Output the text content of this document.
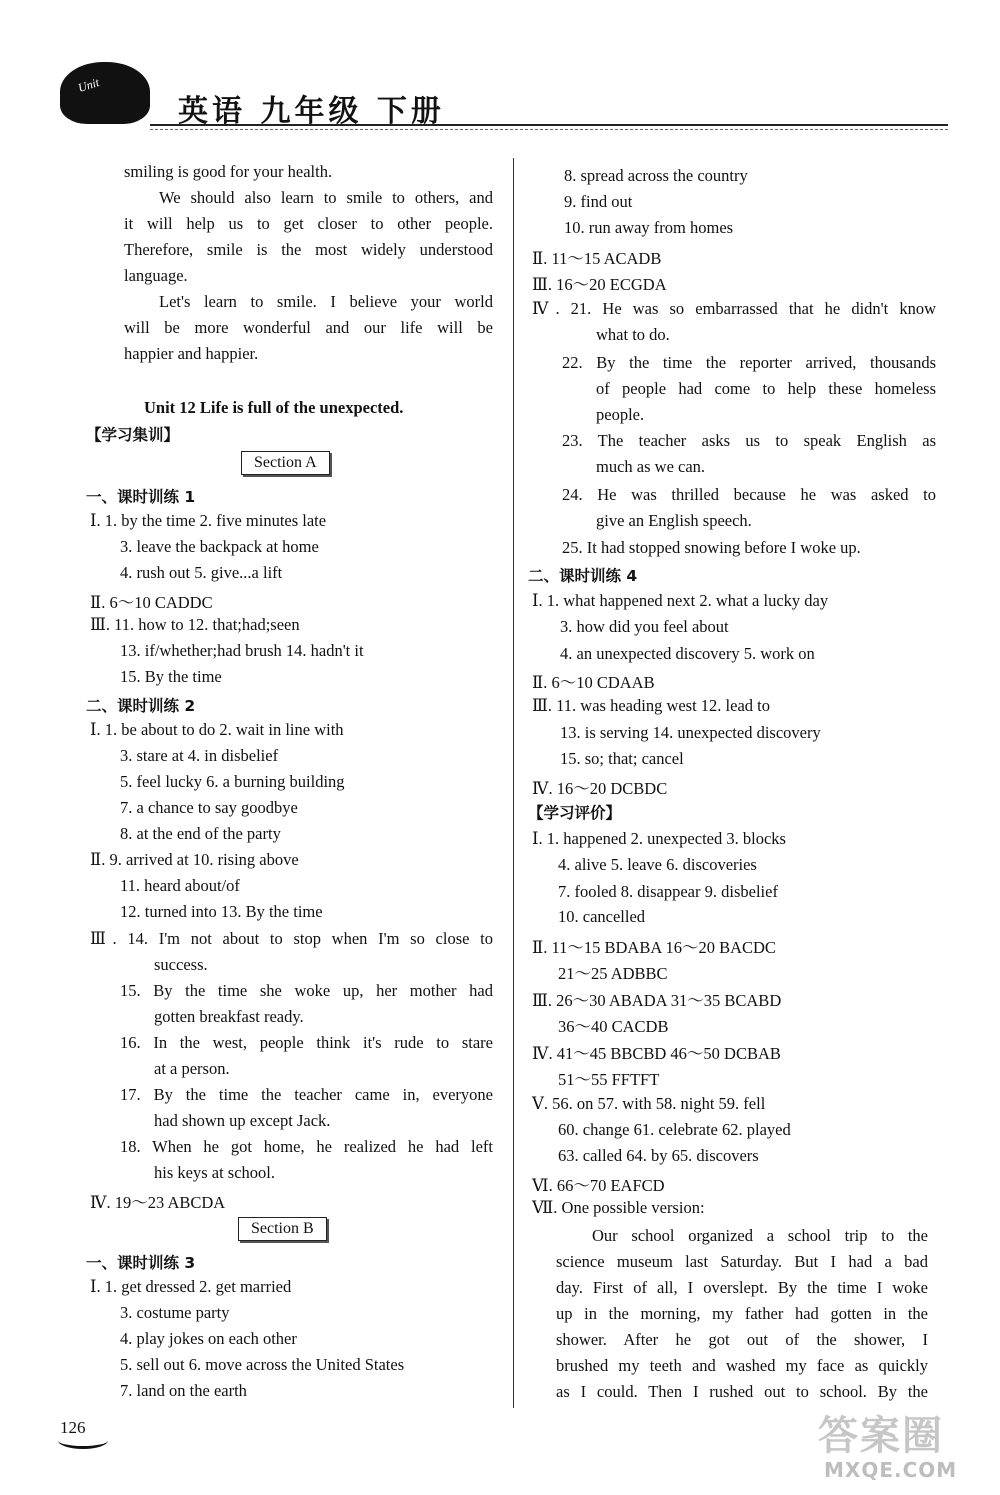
Unit
英语 九年级 下册
smiling is good for your health.
We should also learn to smile to others, and
it will help us to get closer to other people.
Therefore, smile is the most widely understood
language.
Let's learn to smile. I believe your world
will be more wonderful and our life will be
happier and happier.
Unit 12 Life is full of the unexpected.
【学习集训】
Section A
一、课时训练 1
Ⅰ. 1. by the time 2. five minutes late
3. leave the backpack at home
4. rush out 5. give...a lift
Ⅱ. 6～10 CADDC
Ⅲ. 11. how to 12. that;had;seen
13. if/whether;had brush 14. hadn't it
15. By the time
二、课时训练 2
Ⅰ. 1. be about to do 2. wait in line with
3. stare at 4. in disbelief
5. feel lucky 6. a burning building
7. a chance to say goodbye
8. at the end of the party
Ⅱ. 9. arrived at 10. rising above
11. heard about/of
12. turned into 13. By the time
Ⅲ. 14. I'm not about to stop when I'm so close to
success.
15. By the time she woke up, her mother had
gotten breakfast ready.
16. In the west, people think it's rude to stare
at a person.
17. By the time the teacher came in, everyone
had shown up except Jack.
18. When he got home, he realized he had left
his keys at school.
Ⅳ. 19～23 ABCDA
Section B
一、课时训练 3
Ⅰ. 1. get dressed 2. get married
3. costume party
4. play jokes on each other
5. sell out 6. move across the United States
7. land on the earth
8. spread across the country
9. find out
10. run away from homes
Ⅱ. 11～15 ACADB
Ⅲ. 16～20 ECGDA
Ⅳ. 21. He was so embarrassed that he didn't know
what to do.
22. By the time the reporter arrived, thousands
of people had come to help these homeless
people.
23. The teacher asks us to speak English as
much as we can.
24. He was thrilled because he was asked to
give an English speech.
25. It had stopped snowing before I woke up.
二、课时训练 4
Ⅰ. 1. what happened next 2. what a lucky day
3. how did you feel about
4. an unexpected discovery 5. work on
Ⅱ. 6～10 CDAAB
Ⅲ. 11. was heading west 12. lead to
13. is serving 14. unexpected discovery
15. so; that; cancel
Ⅳ. 16～20 DCBDC
【学习评价】
Ⅰ. 1. happened 2. unexpected 3. blocks
4. alive 5. leave 6. discoveries
7. fooled 8. disappear 9. disbelief
10. cancelled
Ⅱ. 11～15 BDABA 16～20 BACDC
21～25 ADBBC
Ⅲ. 26～30 ABADA 31～35 BCABD
36～40 CACDB
Ⅳ. 41～45 BBCBD 46～50 DCBAB
51～55 FFTFT
Ⅴ. 56. on 57. with 58. night 59. fell
60. change 61. celebrate 62. played
63. called 64. by 65. discovers
Ⅵ. 66～70 EAFCD
Ⅶ. One possible version:
Our school organized a school trip to the
science museum last Saturday. But I had a bad
day. First of all, I overslept. By the time I woke
up in the morning, my father had gotten in the
shower. After he got out of the shower, I
brushed my teeth and washed my face as quickly
as I could. Then I rushed out to school. By the
126	答案圈
MXQE.COM
